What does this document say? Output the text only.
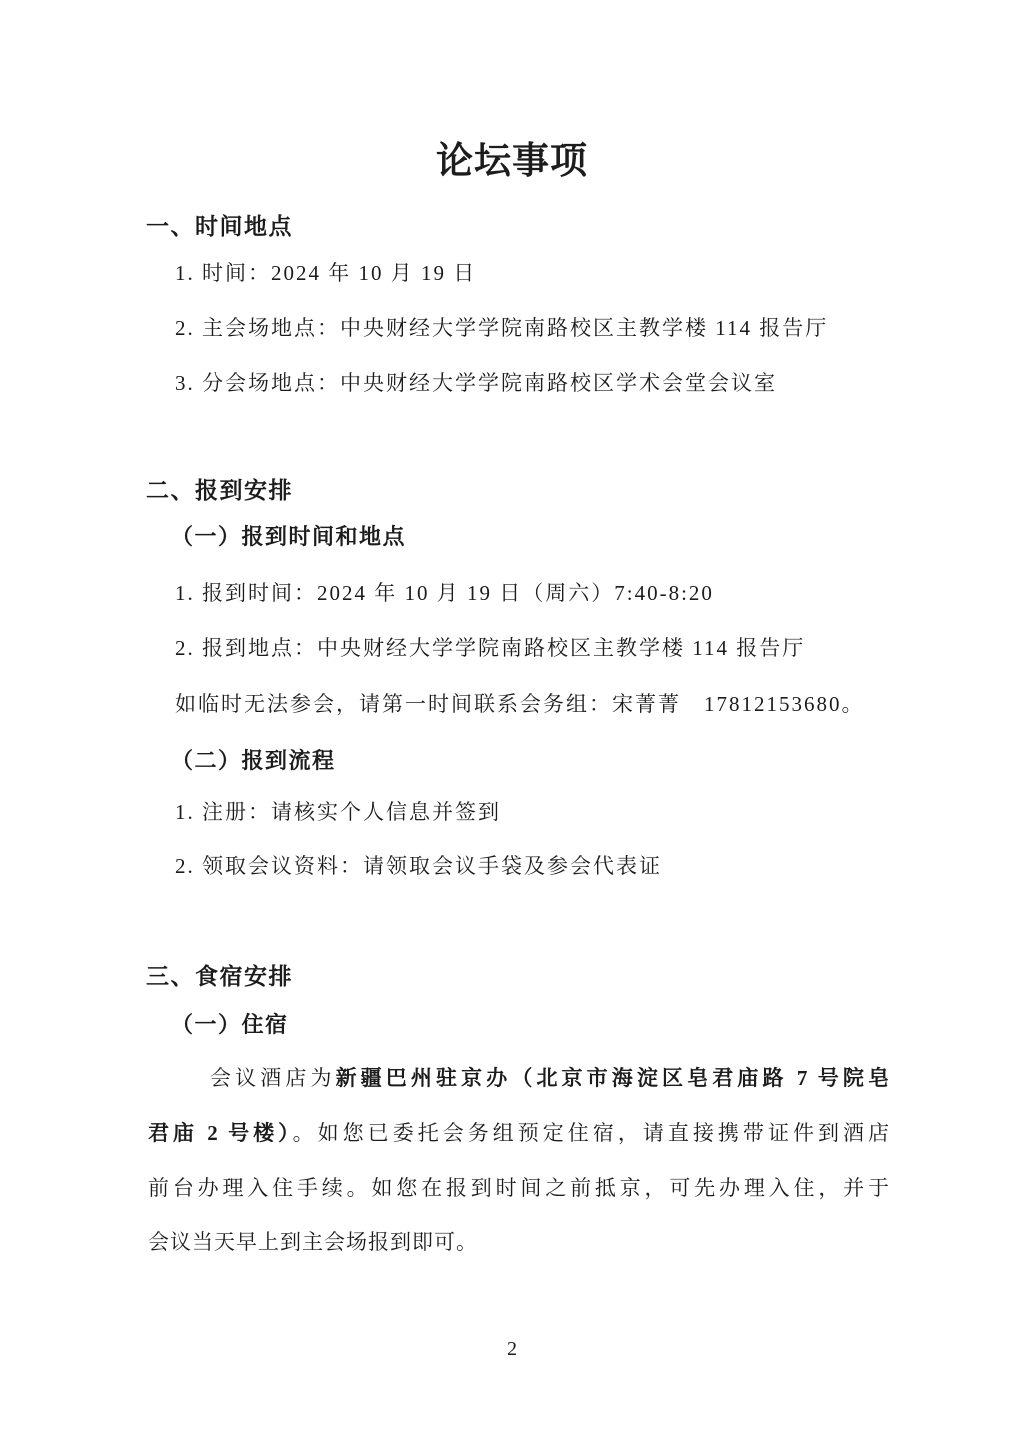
论坛事项
一、时间地点
1. 时间：2024 年 10 月 19 日
2. 主会场地点：中央财经大学学院南路校区主教学楼 114 报告厅
3. 分会场地点：中央财经大学学院南路校区学术会堂会议室
二、报到安排
（一）报到时间和地点
1. 报到时间：2024 年 10 月 19 日（周六）7:40-8:20
2. 报到地点：中央财经大学学院南路校区主教学楼 114 报告厅
如临时无法参会，请第一时间联系会务组：宋菁菁　17812153680。
（二）报到流程
1. 注册：请核实个人信息并签到
2. 领取会议资料：请领取会议手袋及参会代表证
三、食宿安排
（一）住宿
会议酒店为新疆巴州驻京办（北京市海淀区皂君庙路 7 号院皂
君庙 2 号楼）。如您已委托会务组预定住宿，请直接携带证件到酒店
前台办理入住手续。如您在报到时间之前抵京，可先办理入住，并于
会议当天早上到主会场报到即可。
2
